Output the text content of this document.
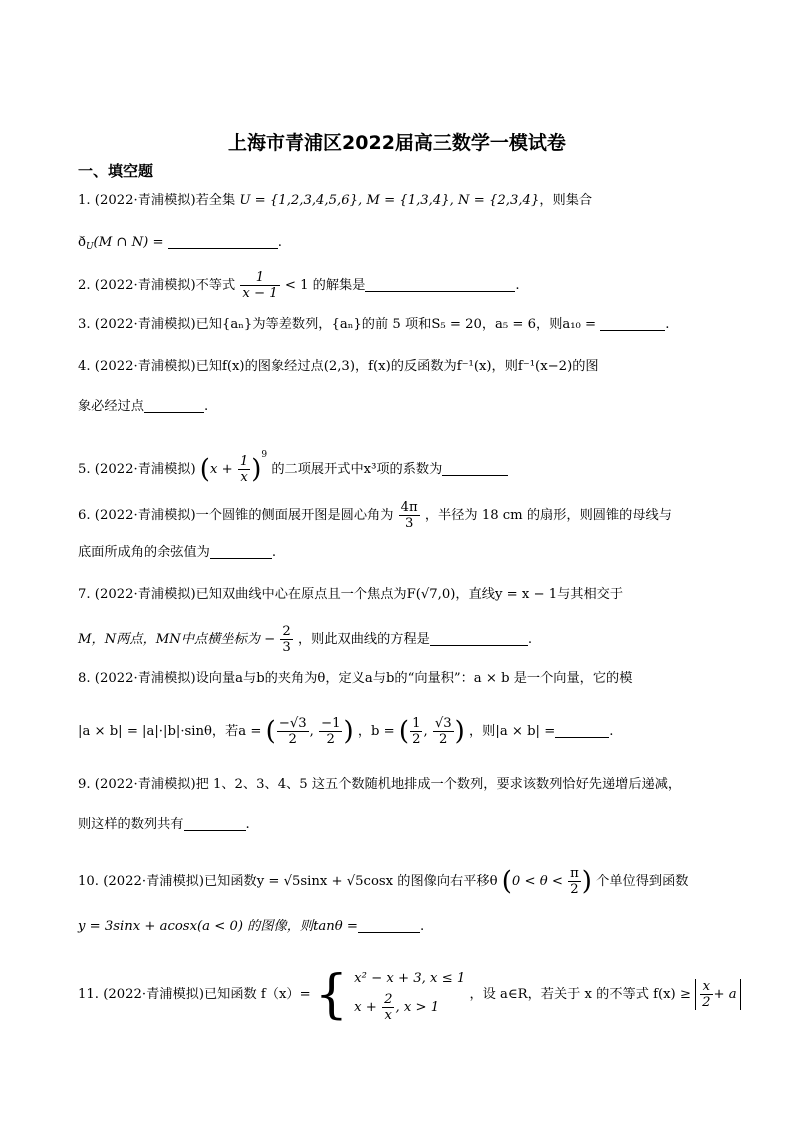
上海市青浦区2022届高三数学一模试卷
一、填空题
1. (2022·青浦模拟)若全集 U = {1,2,3,4,5,6}, M = {1,3,4}, N = {2,3,4}，则集合
$ð_U(M$ ∩ N) =	.
2. (2022·青浦模拟)不等式 $\frac{1}{x - 1} < 1$ 的解集是	.
3. (2022·青浦模拟)已知{aₙ}为等差数列，{aₙ}的前 5 项和S₅ = 20，a₅ = 6，则a₁₀ =	.
4. (2022·青浦模拟)已知f(x)的图象经过点(2,3)，f(x)的反函数为f⁻¹(x)，则f⁻¹(x−2)的图
象必经过点	.
5. (2022·青浦模拟) $(x + \frac{1}{x} )^9$ 的二项展开式中x³项的系数为
6. (2022·青浦模拟)一个圆锥的侧面展开图是圆心角为 $\frac{4\pi}{3}$ ，半径为 18 cm 的扇形，则圆锥的母线与
底面所成角的余弦值为	.
7. (2022·青浦模拟)已知双曲线中心在原点且一个焦点为F(√7,0)，直线y = x − 1与其相交于
M，N两点，MN中点横坐标为 − $\frac{2}{3}$ ，则此双曲线的方程是	.
8. (2022·青浦模拟)设向量a与b的夹角为θ，定义a与b的“向量积”：a × b 是一个向量，它的模
|a × b| = |a|·|b|·sinθ，若a = ( $\frac{-√3}{2}$ , $\frac{-1}{2}$ ) ，b = ( $\frac{1}{2}$ , $\frac{√3}{2}$ ) ，则|a × b| =	.
9. (2022·青浦模拟)把 1、2、3、4、5 这五个数随机地排成一个数列，要求该数列恰好先递增后递减，
则这样的数列共有	.
10. (2022·青浦模拟)已知函数y = √5sinx + √5cosx 的图像向右平移θ ($0 < \theta < \frac{\pi}{2}$ ) 个单位得到函数
y = 3sinx + acosx(a < 0) 的图像，则tanθ =	.
11. (2022·青浦模拟)已知函数 f（x）= { x² − x + 3, x ≤ 1
$x + \frac{2}{x}$ , x > 1
，设 a∈R，若关于 x 的不等式 $f(x) \ge \frac{x}{2} + a$
